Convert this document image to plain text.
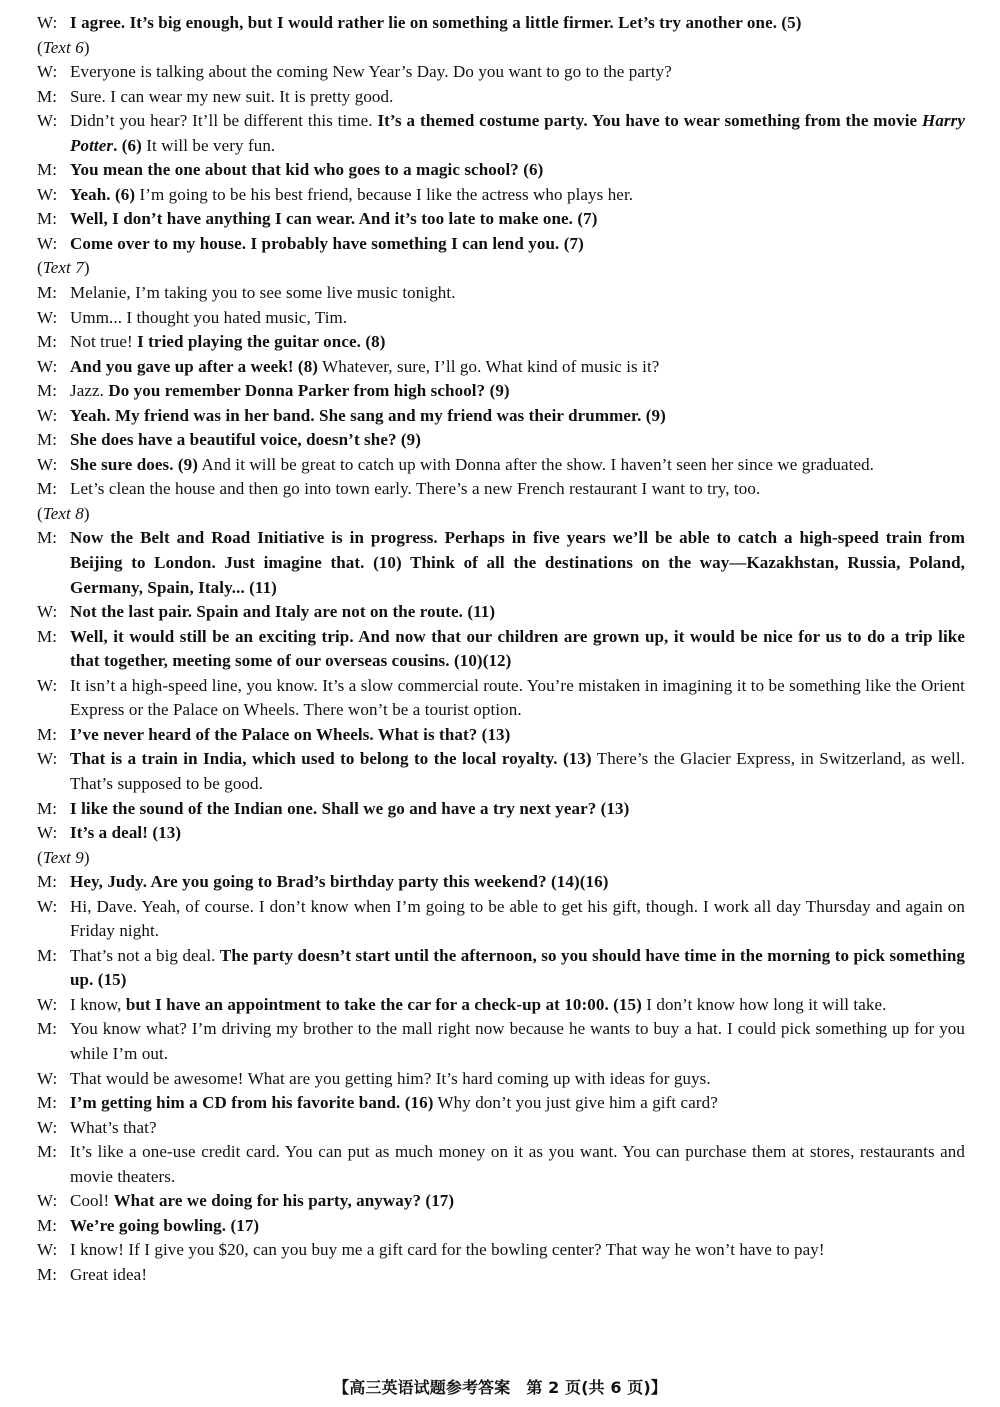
W: I agree. It’s big enough, but I would rather lie on something a little firmer. Let’s try another one. (5)
(Text 6)
W: Everyone is talking about the coming New Year’s Day. Do you want to go to the party?
M: Sure. I can wear my new suit. It is pretty good.
W: Didn’t you hear? It’ll be different this time. It’s a themed costume party. You have to wear something from the movie Harry Potter. (6) It will be very fun.
M: You mean the one about that kid who goes to a magic school? (6)
W: Yeah. (6) I’m going to be his best friend, because I like the actress who plays her.
M: Well, I don’t have anything I can wear. And it’s too late to make one. (7)
W: Come over to my house. I probably have something I can lend you. (7)
(Text 7)
M: Melanie, I’m taking you to see some live music tonight.
W: Umm... I thought you hated music, Tim.
M: Not true! I tried playing the guitar once. (8)
W: And you gave up after a week! (8) Whatever, sure, I’ll go. What kind of music is it?
M: Jazz. Do you remember Donna Parker from high school? (9)
W: Yeah. My friend was in her band. She sang and my friend was their drummer. (9)
M: She does have a beautiful voice, doesn’t she? (9)
W: She sure does. (9) And it will be great to catch up with Donna after the show. I haven’t seen her since we graduated.
M: Let’s clean the house and then go into town early. There’s a new French restaurant I want to try, too.
(Text 8)
M: Now the Belt and Road Initiative is in progress. Perhaps in five years we’ll be able to catch a high-speed train from Beijing to London. Just imagine that. (10) Think of all the destinations on the way—Kazakhstan, Russia, Poland, Germany, Spain, Italy... (11)
W: Not the last pair. Spain and Italy are not on the route. (11)
M: Well, it would still be an exciting trip. And now that our children are grown up, it would be nice for us to do a trip like that together, meeting some of our overseas cousins. (10)(12)
W: It isn’t a high-speed line, you know. It’s a slow commercial route. You’re mistaken in imagining it to be something like the Orient Express or the Palace on Wheels. There won’t be a tourist option.
M: I’ve never heard of the Palace on Wheels. What is that? (13)
W: That is a train in India, which used to belong to the local royalty. (13) There’s the Glacier Express, in Switzerland, as well. That’s supposed to be good.
M: I like the sound of the Indian one. Shall we go and have a try next year? (13)
W: It’s a deal! (13)
(Text 9)
M: Hey, Judy. Are you going to Brad’s birthday party this weekend? (14)(16)
W: Hi, Dave. Yeah, of course. I don’t know when I’m going to be able to get his gift, though. I work all day Thursday and again on Friday night.
M: That’s not a big deal. The party doesn’t start until the afternoon, so you should have time in the morning to pick something up. (15)
W: I know, but I have an appointment to take the car for a check-up at 10:00. (15) I don’t know how long it will take.
M: You know what? I’m driving my brother to the mall right now because he wants to buy a hat. I could pick something up for you while I’m out.
W: That would be awesome! What are you getting him? It’s hard coming up with ideas for guys.
M: I’m getting him a CD from his favorite band. (16) Why don’t you just give him a gift card?
W: What’s that?
M: It’s like a one-use credit card. You can put as much money on it as you want. You can purchase them at stores, restaurants and movie theaters.
W: Cool! What are we doing for his party, anyway? (17)
M: We’re going bowling. (17)
W: I know! If I give you $20, can you buy me a gift card for the bowling center? That way he won’t have to pay!
M: Great idea!
【高三英语试题参考答案　第 2 页(共 6 页)】
